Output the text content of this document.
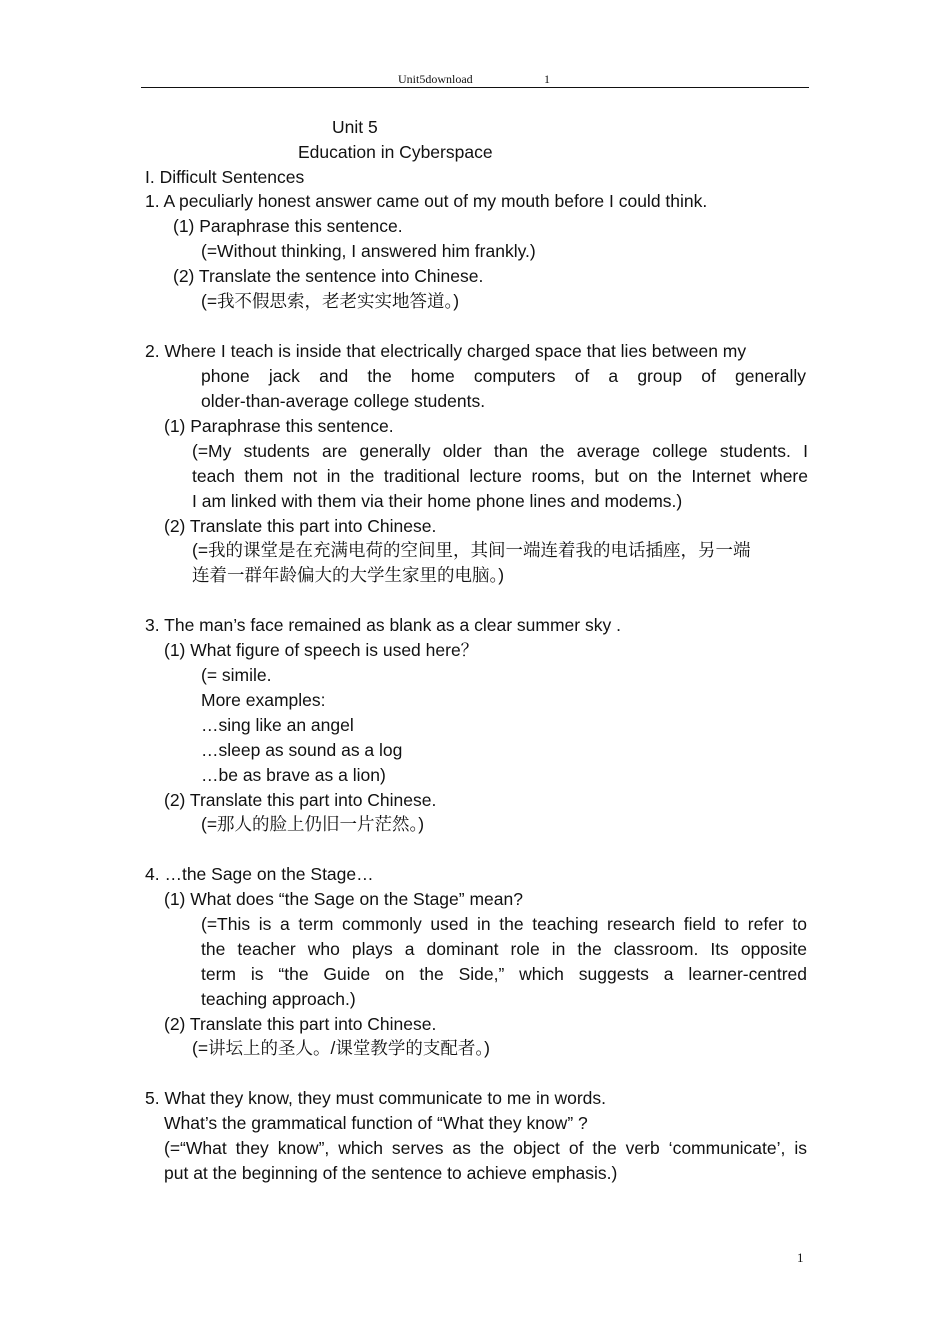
Unit5download	1
Unit 5
Education in Cyberspace
I. Difficult Sentences
1. A peculiarly honest answer came out of my mouth before I could think.
(1) Paraphrase this sentence.
(=Without thinking, I answered him frankly.)
(2) Translate the sentence into Chinese.
(=我不假思索，老老实实地答道。)
2. Where I teach is inside that electrically charged space that lies between my
phone jack and the home computers of a group of generally
older-than-average college students.
(1) Paraphrase this sentence.
(=My students are generally older than the average college students. I
teach them not in the traditional lecture rooms, but on the Internet where
I am linked with them via their home phone lines and modems.)
(2) Translate this part into Chinese.
(=我的课堂是在充满电荷的空间里，其间一端连着我的电话插座，另一端
连着一群年龄偏大的大学生家里的电脑。)
3. The man’s face remained as blank as a clear summer sky .
(1) What figure of speech is used here？
(= simile.
More examples:
…sing like an angel
…sleep as sound as a log
…be as brave as a lion)
(2) Translate this part into Chinese.
(=那人的脸上仍旧一片茫然。)
4. …the Sage on the Stage…
(1) What does “the Sage on the Stage” mean?
(=This is a term commonly used in the teaching research field to refer to
the teacher who plays a dominant role in the classroom. Its opposite
term is “the Guide on the Side,” which suggests a learner-centred
teaching approach.)
(2) Translate this part into Chinese.
(=讲坛上的圣人。/课堂教学的支配者。)
5. What they know, they must communicate to me in words.
What’s the grammatical function of “What they know” ?
(=“What they know”, which serves as the object of the verb ‘communicate’, is
put at the beginning of the sentence to achieve emphasis.)
1
